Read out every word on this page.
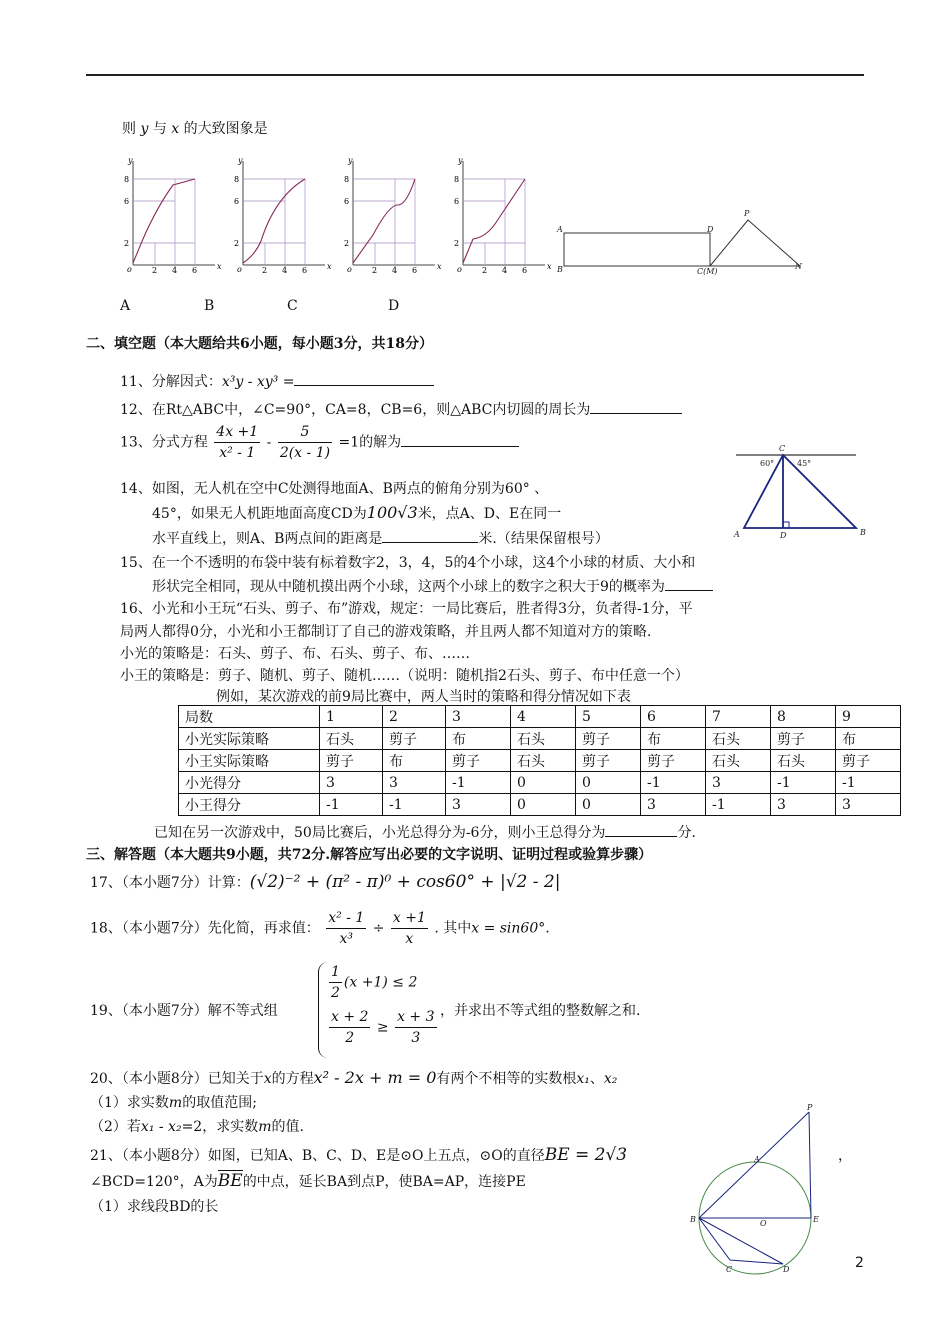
则 y 与 x 的大致图象是
y
x
o
8
6
2
2 4 6
y
x
o
8
6
2
2 4 6
y
x
o
8
6
2
2 4 6
y
x
o
8
6
2
2 4 6
A	D
P
B	C(M)
N
A	B	C	D
二、填空题（本大题给共6小题，每小题3分，共18分）
11、分解因式：x³y - xy³ =
12、在Rt△ABC中，∠C=90°，CA=8，CB=6，则△ABC内切圆的周长为
13、分式方程 $\frac{4x +1}{\text{x² - 1}} - \frac{5}{2(x - 1)} =1$的解为
14、如图，无人机在空中C处测得地面A、B两点的俯角分别为60° 、
45°，如果无人机距地面高度CD为100√3米，点A、D、E在同一
水平直线上，则A、B两点间的距离是	米.（结果保留根号）
C
A	D	B
60°	45°
15、在一个不透明的布袋中装有标着数字2，3，4，5的4个小球，这4个小球的材质、大小和
形状完全相同，现从中随机摸出两个小球，这两个小球上的数字之积大于9的概率为
16、小光和小王玩“石头、剪子、布”游戏，规定：一局比赛后，胜者得3分，负者得-1分，平
局两人都得0分，小光和小王都制订了自己的游戏策略，并且两人都不知道对方的策略.
小光的策略是：石头、剪子、布、石头、剪子、布、……
小王的策略是：剪子、随机、剪子、随机……（说明：随机指2石头、剪子、布中任意一个）
例如，某次游戏的前9局比赛中，两人当时的策略和得分情况如下表
局数	1	2	3	4	5	6	7	8	9
小光实际策略	石头	剪子	布	石头	剪子	布	石头	剪子	布
小王实际策略	剪子	布	剪子	石头	剪子	剪子	石头	石头	剪子
小光得分	3	3	-1	0	0	-1	3	-1	-1
小王得分	-1	-1	3	0	0	3	-1	3	3
已知在另一次游戏中，50局比赛后，小光总得分为-6分，则小王总得分为	分.
三、解答题（本大题共9小题，共72分.解答应写出必要的文字说明、证明过程或验算步骤）
17、（本小题7分）计算：(√2)⁻² + (π² - π)⁰ + cos60° + |√2 - 2|
18、（本小题7分）先化简，再求值： $\frac{\text{x² - 1}}{\text{x³}} \div \frac{x +1}{x}$ . 其中x = sin60°.
19、（本小题7分）解不等式组
$\frac{1}{2} (x +1) \le 2$
$\frac{x + 2}{2} \ge \frac{x + 3}{3}$ ，并求出不等式组的整数解之和.
20、（本小题8分）已知关于x的方程x² - 2x + m = 0有两个不相等的实数根x₁、x₂
（1）求实数m的取值范围;
（2）若x₁ - x₂=2，求实数m的值.
21、（本小题8分）如图，已知A、B、C、D、E是⊙O上五点，⊙O的直径BE = 2√3	，
∠BCD=120°，A为BE的中点，延长BA到点P，使BA=AP，连接PE
（1）求线段BD的长
P
A
B	O	E
C	D	2
